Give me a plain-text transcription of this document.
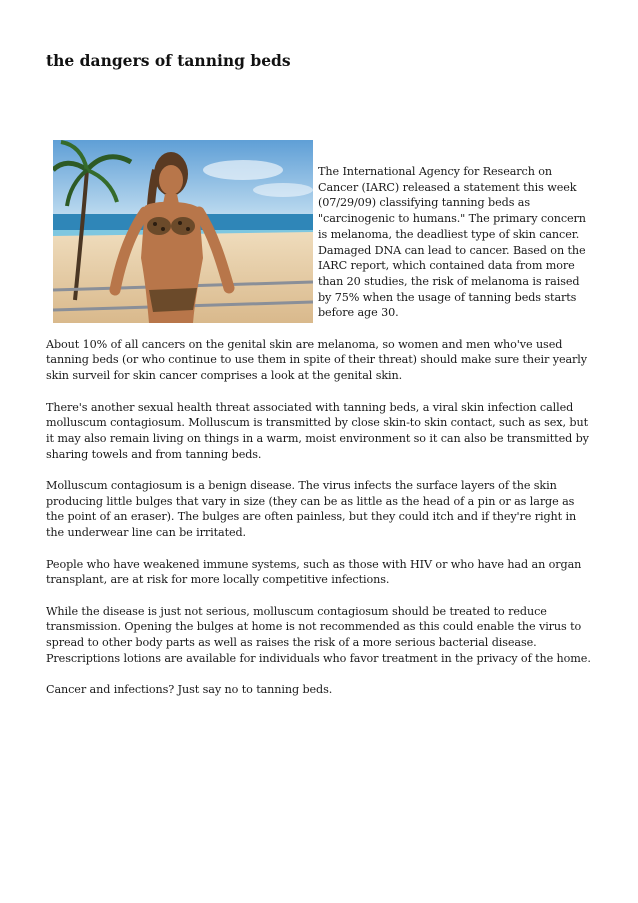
the dangers of tanning beds

The International Agency for Research on Cancer (IARC) released a statement this week (07/29/09) classifying tanning beds as "carcinogenic to humans." The primary concern is melanoma, the deadliest type of skin cancer. Damaged DNA can lead to cancer. Based on the IARC report, which contained data from more than 20 studies, the risk of melanoma is raised by 75% when the usage of tanning beds starts before age 30.

About 10% of all cancers on the genital skin are melanoma, so women and men who've used tanning beds (or who continue to use them in spite of their threat) should make sure their yearly skin surveil for skin cancer comprises a look at the genital skin.

There's another sexual health threat associated with tanning beds, a viral skin infection called molluscum contagiosum. Molluscum is transmitted by close skin-to skin contact, such as sex, but it may also remain living on things in a warm, moist environment so it can also be transmitted by sharing towels and from tanning beds.

Molluscum contagiosum is a benign disease. The virus infects the surface layers of the skin producing little bulges that vary in size (they can be as little as the head of a pin or as large as the point of an eraser). The bulges are often painless, but they could itch and if they're right in the underwear line can be irritated.

People who have weakened immune systems, such as those with HIV or who have had an organ transplant, are at risk for more locally competitive infections.

While the disease is just not serious, molluscum contagiosum should be treated to reduce transmission. Opening the bulges at home is not recommended as this could enable the virus to spread to other body parts as well as raises the risk of a more serious bacterial disease. Prescriptions lotions are available for individuals who favor treatment in the privacy of the home.

Cancer and infections? Just say no to tanning beds.
